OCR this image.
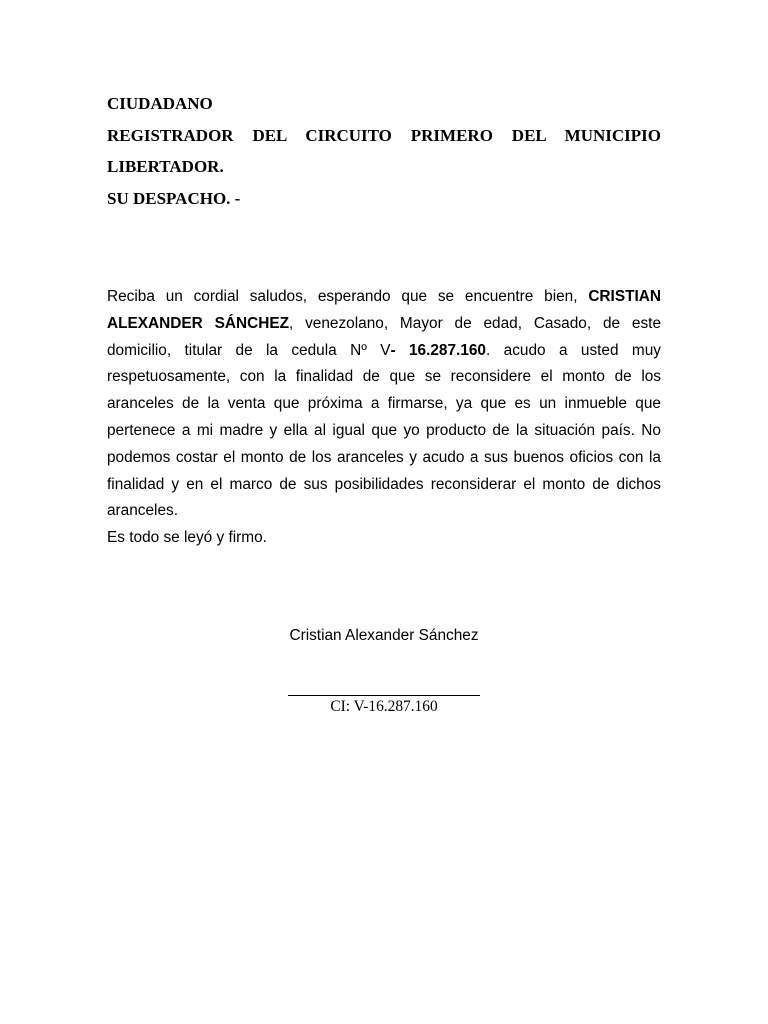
CIUDADANO
REGISTRADOR DEL CIRCUITO PRIMERO DEL MUNICIPIO
LIBERTADOR.
SU DESPACHO. -
Reciba un cordial saludos, esperando que se encuentre bien, CRISTIAN ALEXANDER SÁNCHEZ, venezolano, Mayor de edad, Casado, de este domicilio, titular de la cedula Nº V- 16.287.160. acudo a usted muy respetuosamente, con la finalidad de que se reconsidere el monto de los aranceles de la venta que próxima a firmarse, ya que es un inmueble que pertenece a mi madre y ella al igual que yo producto de la situación país. No podemos costar el monto de los aranceles y acudo a sus buenos oficios con la finalidad y en el marco de sus posibilidades reconsiderar el monto de dichos aranceles.
Es todo se leyó y firmo.
Cristian Alexander Sánchez
CI: V-16.287.160
